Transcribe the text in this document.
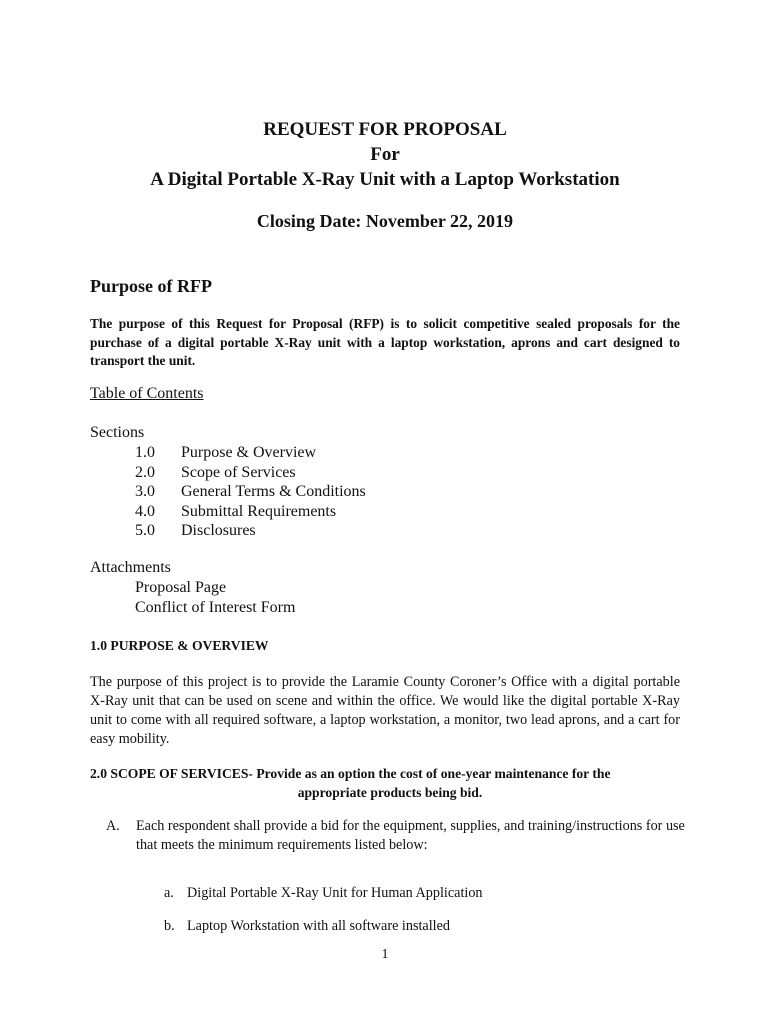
REQUEST FOR PROPOSAL
For
A Digital Portable X-Ray Unit with a Laptop Workstation
Closing Date: November 22, 2019
Purpose of RFP
The purpose of this Request for Proposal (RFP) is to solicit competitive sealed proposals for the purchase of a digital portable X-Ray unit with a laptop workstation, aprons and cart designed to transport the unit.
Table of Contents
Sections
1.0	Purpose & Overview
2.0	Scope of Services
3.0	General Terms & Conditions
4.0	Submittal Requirements
5.0	Disclosures
Attachments
Proposal Page
Conflict of Interest Form
1.0 PURPOSE & OVERVIEW
The purpose of this project is to provide the Laramie County Coroner’s Office with a digital portable X-Ray unit that can be used on scene and within the office. We would like the digital portable X-Ray unit to come with all required software, a laptop workstation, a monitor, two lead aprons, and a cart for easy mobility.
2.0 SCOPE OF SERVICES- Provide as an option the cost of one-year maintenance for the
appropriate products being bid.
A.	Each respondent shall provide a bid for the equipment, supplies, and training/instructions for use that meets the minimum requirements listed below:
a. Digital Portable X-Ray Unit for Human Application
b. Laptop Workstation with all software installed
1
